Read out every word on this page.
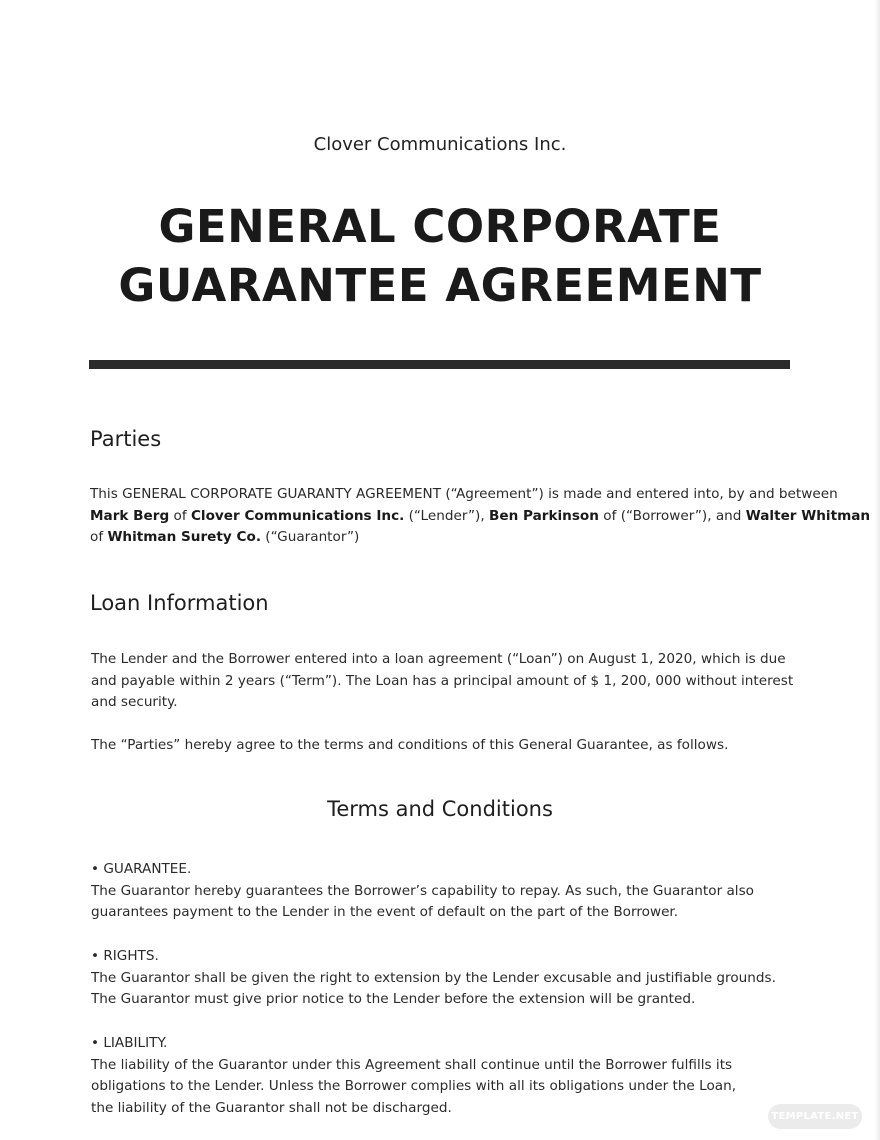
Clover Communications Inc.
GENERAL CORPORATE
GUARANTEE AGREEMENT
Parties
This GENERAL CORPORATE GUARANTY AGREEMENT (“Agreement”) is made and entered into, by and between
Mark Berg of Clover Communications Inc. (“Lender”), Ben Parkinson of (“Borrower”), and Walter Whitman
of Whitman Surety Co. (“Guarantor”)
Loan Information
The Lender and the Borrower entered into a loan agreement (“Loan”) on August 1, 2020, which is due
and payable within 2 years (“Term”). The Loan has a principal amount of $ 1, 200, 000 without interest
and security.
The “Parties” hereby agree to the terms and conditions of this General Guarantee, as follows.
Terms and Conditions
• GUARANTEE.
The Guarantor hereby guarantees the Borrower’s capability to repay. As such, the Guarantor also
guarantees payment to the Lender in the event of default on the part of the Borrower.
• RIGHTS.
The Guarantor shall be given the right to extension by the Lender excusable and justifiable grounds.
The Guarantor must give prior notice to the Lender before the extension will be granted.
• LIABILITY.
The liability of the Guarantor under this Agreement shall continue until the Borrower fulfills its
obligations to the Lender. Unless the Borrower complies with all its obligations under the Loan,
the liability of the Guarantor shall not be discharged.
TEMPLATE.NET
